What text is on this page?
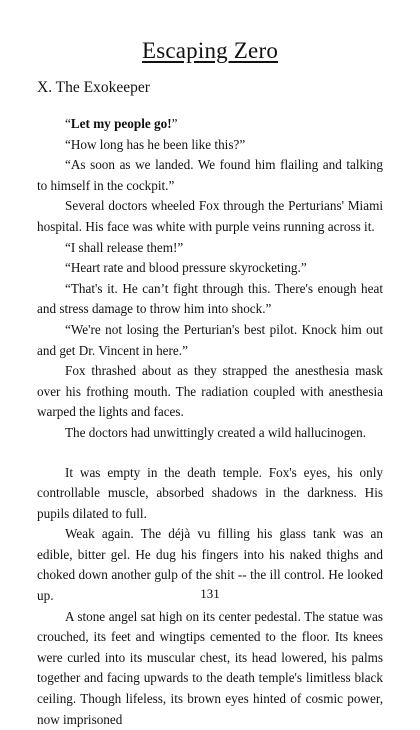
Escaping Zero
X. The Exokeeper

“Let my people go!”

“How long has he been like this?”

“As soon as we landed. We found him flailing and talking to himself in the cockpit.”

Several doctors wheeled Fox through the Perturians' Miami hospital. His face was white with purple veins running across it.

“I shall release them!”

“Heart rate and blood pressure skyrocketing.”

“That's it. He can’t fight through this. There's enough heat and stress damage to throw him into shock.”

“We're not losing the Perturian's best pilot. Knock him out and get Dr. Vincent in here.”

Fox thrashed about as they strapped the anesthesia mask over his frothing mouth. The radiation coupled with anesthesia warped the lights and faces.

The doctors had unwittingly created a wild hallucinogen.

It was empty in the death temple. Fox's eyes, his only controllable muscle, absorbed shadows in the darkness. His pupils dilated to full.

Weak again. The déjà vu filling his glass tank was an edible, bitter gel. He dug his fingers into his naked thighs and choked down another gulp of the shit -- the ill control. He looked up.

A stone angel sat high on its center pedestal. The statue was crouched, its feet and wingtips cemented to the floor. Its knees were curled into its muscular chest, its head lowered, his palms together and facing upwards to the death temple's limitless black ceiling. Though lifeless, its brown eyes hinted of cosmic power, now imprisoned

131
